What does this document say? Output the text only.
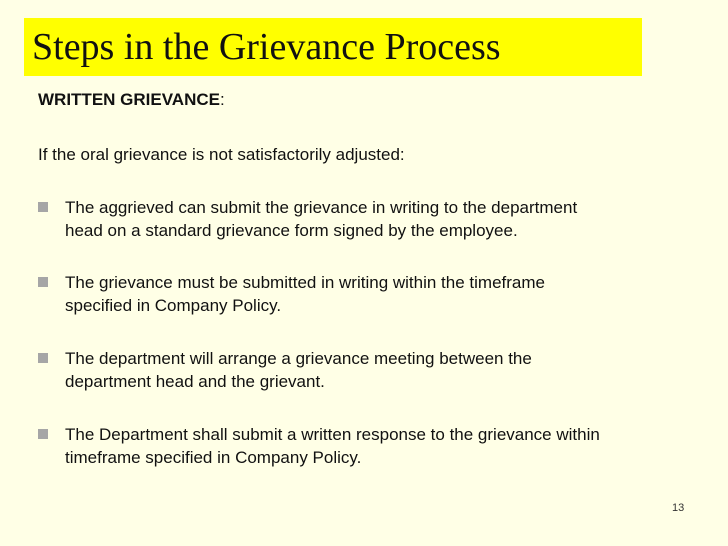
Steps in the Grievance Process
WRITTEN GRIEVANCE:
If the oral grievance is not satisfactorily adjusted:
The aggrieved can submit the grievance in writing to the department
head on a standard grievance form signed by the employee.
The grievance must be submitted in writing within the timeframe
specified in Company Policy.
The department will arrange a grievance meeting between the
department head and the grievant.
The Department shall submit a written response to the grievance within
timeframe specified in Company Policy.
13
